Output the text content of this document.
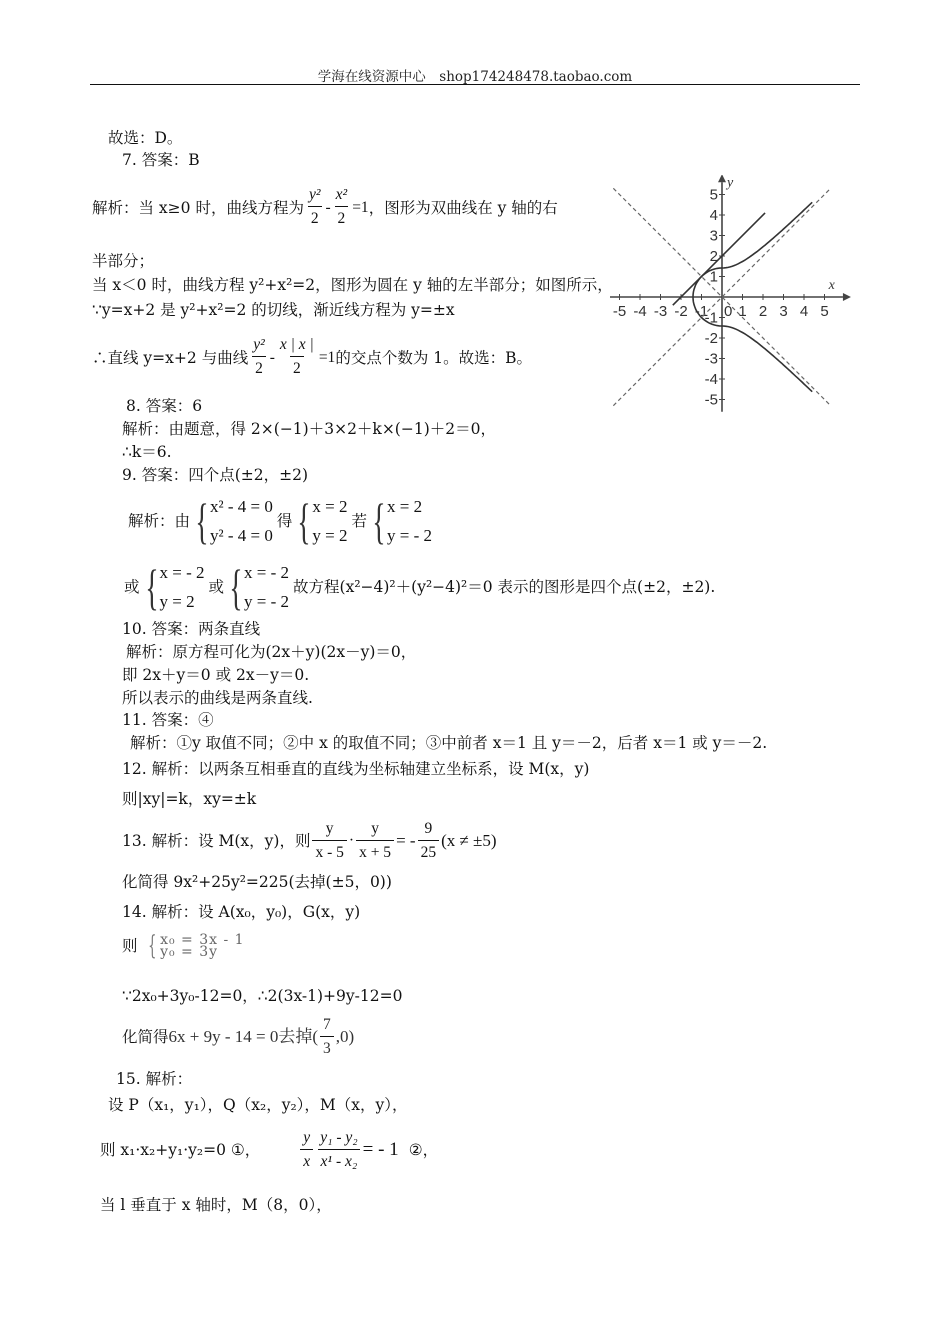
学海在线资源中心　shop174248478.taobao.com
故选：D。
7. 答案：B
解析：当 x≥0 时，曲线方程为 $\frac{\text{y²}}{2} - \frac{\text{x²}}{2} =1$ ，图形为双曲线在 y 轴的右
半部分；
当 x＜0 时，曲线方程 y²+x²=2，图形为圆在 y 轴的左半部分；如图所示，
∵y=x+2 是 y²+x²=2 的切线，渐近线方程为 y=±x
∴直线 y=x+2 与曲线 $\frac{\text{y²}}{2} - \frac{x | x |}{2} =1$ 的交点个数为 1。故选：B。
-5 -4 -3 -2 -1 1 2 3 4 5
5
4
3
2
1
-1
-2
-3
-4
-5
x
y
0
8. 答案：6
解析：由题意，得 2×(−1)＋3×2＋k×(−1)＋2＝0，
∴k＝6.
9. 答案：四个点(±2，±2)
解析：由 { x² - 4 = 0
y² - 4 = 0
得 { x = 2
y = 2
若 { x = 2
y = - 2
或 { x = - 2
y = 2
或 { x = - 2
y = - 2
故方程(x²−4)²＋(y²−4)²＝0 表示的图形是四个点(±2，±2).
10. 答案：两条直线
解析：原方程可化为(2x＋y)(2x－y)＝0，
即 2x＋y＝0 或 2x－y＝0.
所以表示的曲线是两条直线.
11. 答案：④
解析：①y 取值不同；②中 x 的取值不同；③中前者 x＝1 且 y＝－2，后者 x＝1 或 y＝－2.
12. 解析：以两条互相垂直的直线为坐标轴建立坐标系，设 M(x，y)
则|xy|=k，xy=±k
13. 解析：设 M(x，y)，则 $\frac{y}{x - 5} \cdot \frac{y}{x + 5}$ = - $\frac{9}{25} (x \ne \pm 5)$
化简得 9x²+25y²=225(去掉(±5，0))
14. 解析：设 A(x₀，y₀)，G(x，y)
则 { x₀ = 3x - 1
y₀ = 3y
∵2x₀+3y₀-12=0，∴2(3x-1)+9y-12=0
化简得 6x + 9y - 14 = 0去掉( $\frac{7}{3} ,0$)
15. 解析：
设 P（x₁，y₁），Q（x₂，y₂），M（x，y），
则 x₁·x₂+y₁·y₂=0 ①，	$\frac{y}{x} \frac{\text{y₁ - y₂}}{\text{x¹ - x₂}}$ = - 1 ②，
当 l 垂直于 x 轴时，M（8，0），
